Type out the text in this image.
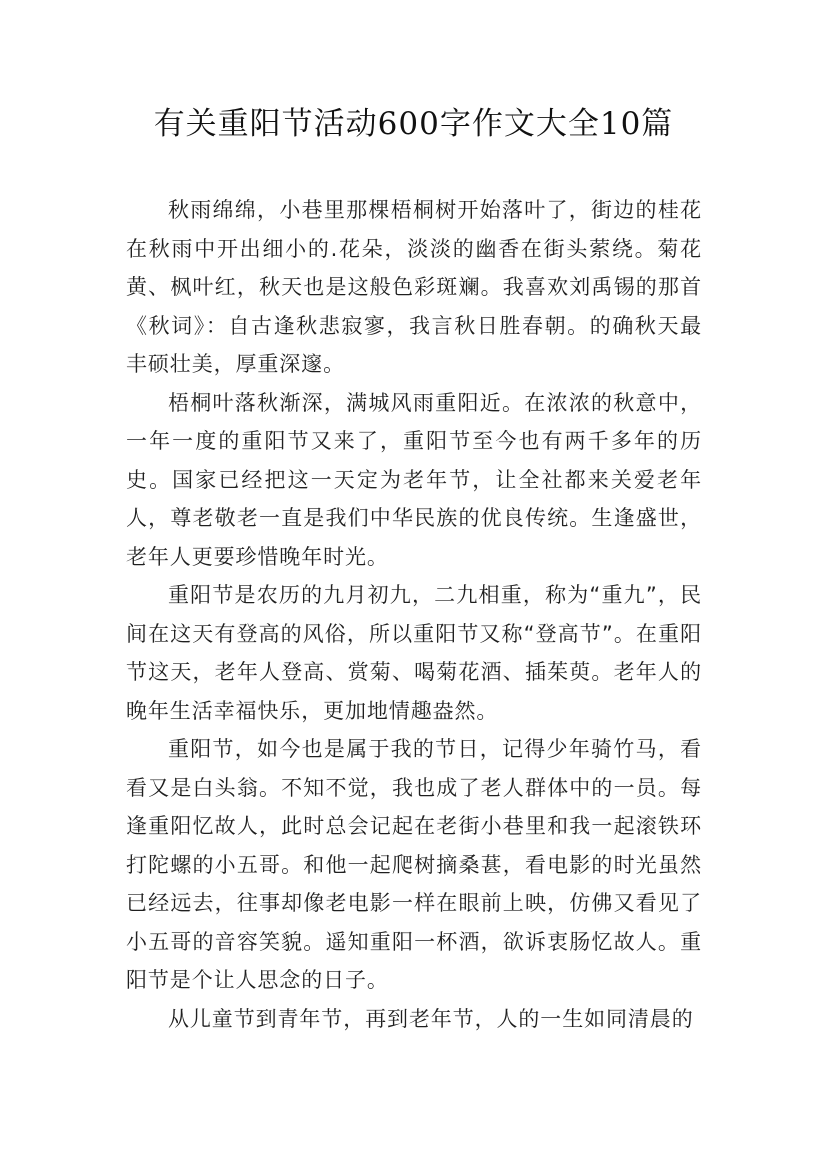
有关重阳节活动600字作文大全10篇

秋雨绵绵，小巷里那棵梧桐树开始落叶了，街边的桂花在秋雨中开出细小的.花朵，淡淡的幽香在街头萦绕。菊花黄、枫叶红，秋天也是这般色彩斑斓。我喜欢刘禹锡的那首《秋词》：自古逢秋悲寂寥，我言秋日胜春朝。的确秋天最丰硕壮美，厚重深邃。

梧桐叶落秋渐深，满城风雨重阳近。在浓浓的秋意中，一年一度的重阳节又来了，重阳节至今也有两千多年的历史。国家已经把这一天定为老年节，让全社都来关爱老年人，尊老敬老一直是我们中华民族的优良传统。生逢盛世，老年人更要珍惜晚年时光。

重阳节是农历的九月初九，二九相重，称为“重九”，民间在这天有登高的风俗，所以重阳节又称“登高节”。在重阳节这天，老年人登高、赏菊、喝菊花酒、插茱萸。老年人的晚年生活幸福快乐，更加地情趣盎然。

重阳节，如今也是属于我的节日，记得少年骑竹马，看看又是白头翁。不知不觉，我也成了老人群体中的一员。每逢重阳忆故人，此时总会记起在老街小巷里和我一起滚铁环打陀螺的小五哥。和他一起爬树摘桑葚，看电影的时光虽然已经远去，往事却像老电影一样在眼前上映，仿佛又看见了小五哥的音容笑貌。遥知重阳一杯酒，欲诉衷肠忆故人。重阳节是个让人思念的日子。

从儿童节到青年节，再到老年节，人的一生如同清晨的
